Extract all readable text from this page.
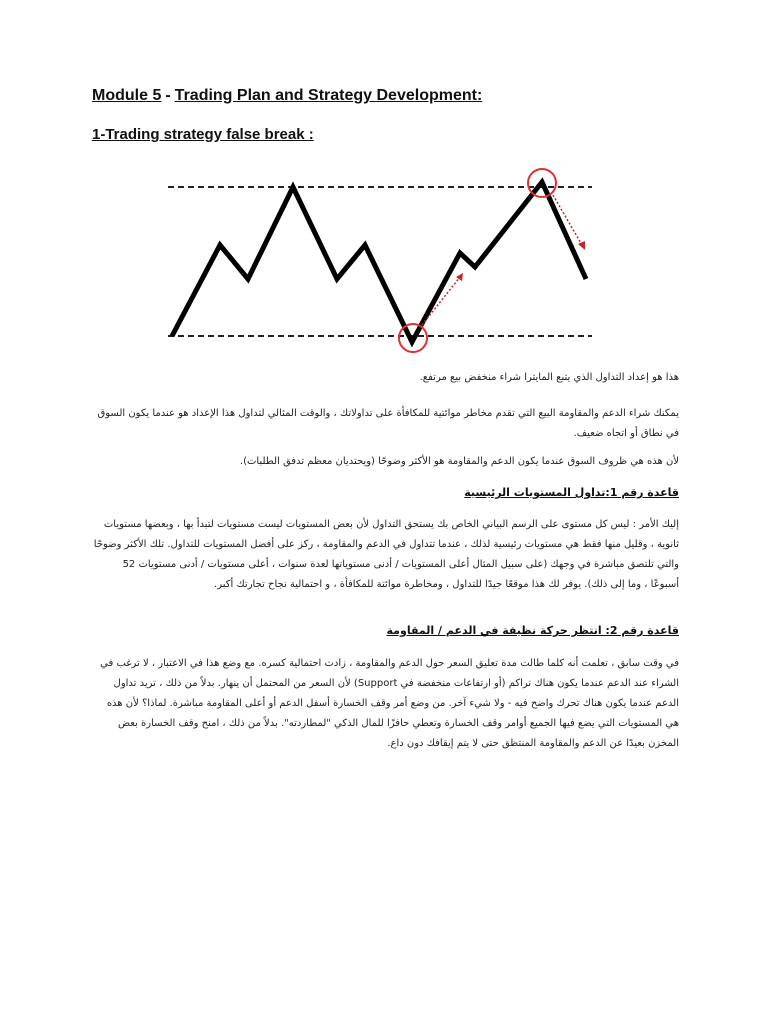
Module 5 - Trading Plan and Strategy Development:
1-Trading strategy false break :

هذا هو إعداد التداول الذي يتبع المايترا شراء منخفض بيع مرتفع.

يمكنك شراء الدعم والمقاومة البيع التي تقدم مخاطر موائتية للمكافأة على تداولاتك ، والوقت المثالي لتداول هذا الإعداد هو عندما يكون السوق في نطاق أو اتجاه ضعيف.

لأن هذه هي ظروف السوق عندما يكون الدعم والمقاومة هو الأكثر وضوحًا (ويحتديان معظم تدفق الطلبات).

قاعدة رقم 1:تداول المستويات الرئيسية

إليك الأمر : ليس كل مستوى على الرسم البياني الخاص بك يستحق التداول لأن بعض المستويات ليست مستويات لتبدأ بها ، وبعضها مستويات ثانوية ، وقليل منها فقط هي مستويات رئيسية لذلك ، عندما تتداول في الدعم والمقاومة ، ركز على أفضل المستويات للتداول. تلك الأكثر وضوحًا والتي تلتصق مباشرة في وجهك (على سبيل المثال أعلى المستويات / أدنى مستوياتها لعدة سنوات ، أعلى مستويات / أدنى مستويات 52 أسبوعًا ، وما إلى ذلك). يوفر لك هذا موقعًا جيدًا للتداول ، ومخاطرة موائتة للمكافأة ، و احتمالية نجاح تجارتك أكبر.

قاعدة رقم 2: انتظر حركة نظيفة في الدعم / المقاومة

في وقت سابق ، تعلمت أنه كلما طالت مدة تعليق السعر حول الدعم والمقاومة ، زادت احتمالية كسره. مع وضع هذا في الاعتبار ، لا ترغب في الشراء عند الدعم عندما يكون هناك تراكم (أو ارتفاعات منخفضة في Support) لأن السعر من المحتمل أن ينهار. بدلاً من ذلك ، تريد تداول الدعم عندما يكون هناك تحرك واضح فيه - ولا شيء آخر. من وضع أمر وقف الخسارة أسفل الدعم أو أعلى المقاومة مباشرة. لماذا؟ لأن هذه هي المستويات التي يضع فيها الجميع أوامر وقف الخسارة وتعطي حافزًا للمال الذكي "لمطاردته". بدلاً من ذلك ، امنح وقف الخسارة بعض المخزن بعيدًا عن الدعم والمقاومة المنتظق حتى لا يتم إيقافك دون داع.
